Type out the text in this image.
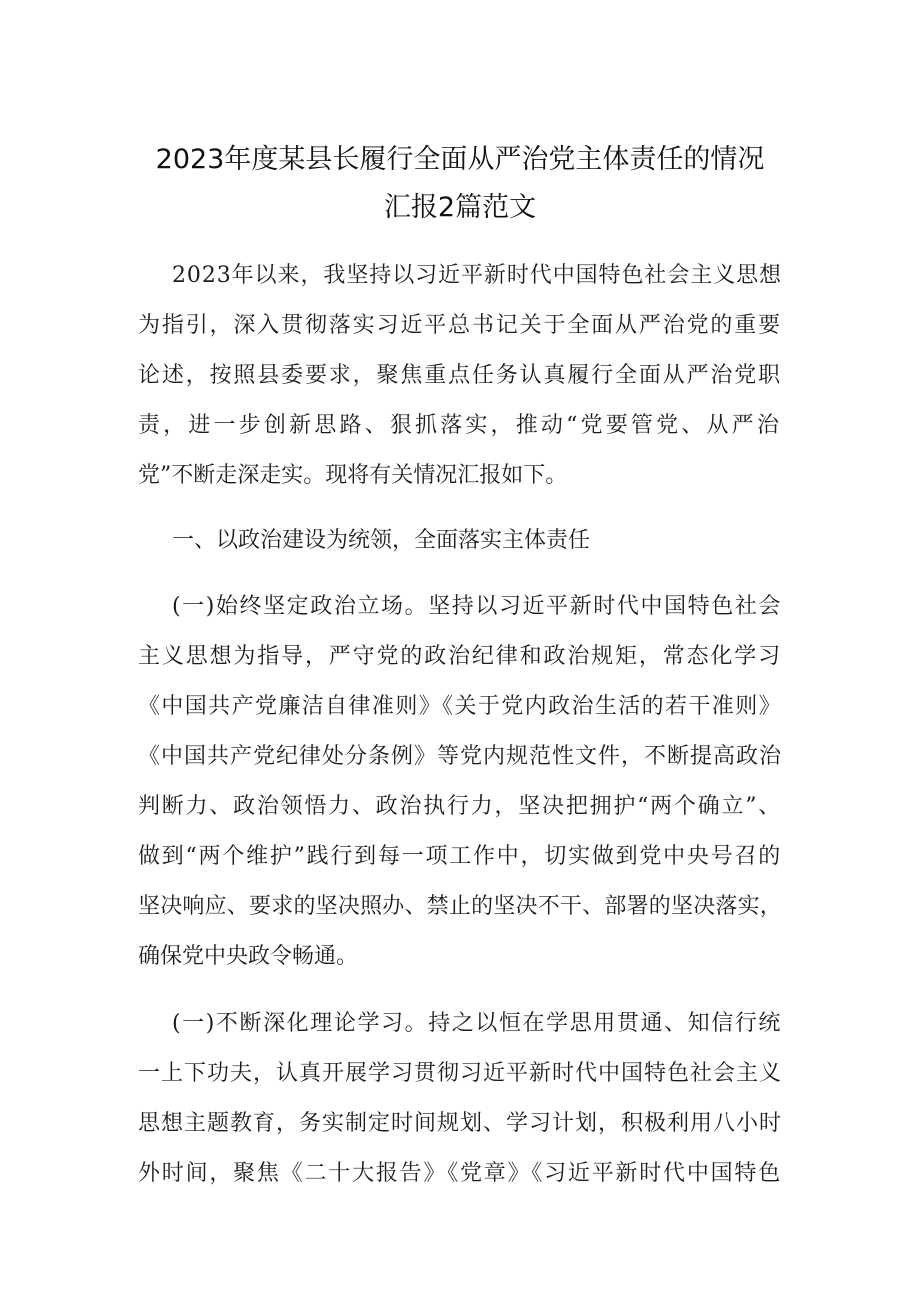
2023年度某县长履行全面从严治党主体责任的情况
汇报2篇范文
2023年以来，我坚持以习近平新时代中国特色社会主义思想
为指引，深入贯彻落实习近平总书记关于全面从严治党的重要
论述，按照县委要求，聚焦重点任务认真履行全面从严治党职
责，进一步创新思路、狠抓落实，推动“党要管党、从严治
党”不断走深走实。现将有关情况汇报如下。
一、以政治建设为统领，全面落实主体责任
(一)始终坚定政治立场。坚持以习近平新时代中国特色社会
主义思想为指导，严守党的政治纪律和政治规矩，常态化学习
《中国共产党廉洁自律准则》《关于党内政治生活的若干准则》
《中国共产党纪律处分条例》等党内规范性文件，不断提高政治
判断力、政治领悟力、政治执行力，坚决把拥护“两个确立”、
做到“两个维护”践行到每一项工作中，切实做到党中央号召的
坚决响应、要求的坚决照办、禁止的坚决不干、部署的坚决落实，
确保党中央政令畅通。
(一)不断深化理论学习。持之以恒在学思用贯通、知信行统
一上下功夫，认真开展学习贯彻习近平新时代中国特色社会主义
思想主题教育，务实制定时间规划、学习计划，积极利用八小时
外时间，聚焦《二十大报告》《党章》《习近平新时代中国特色
